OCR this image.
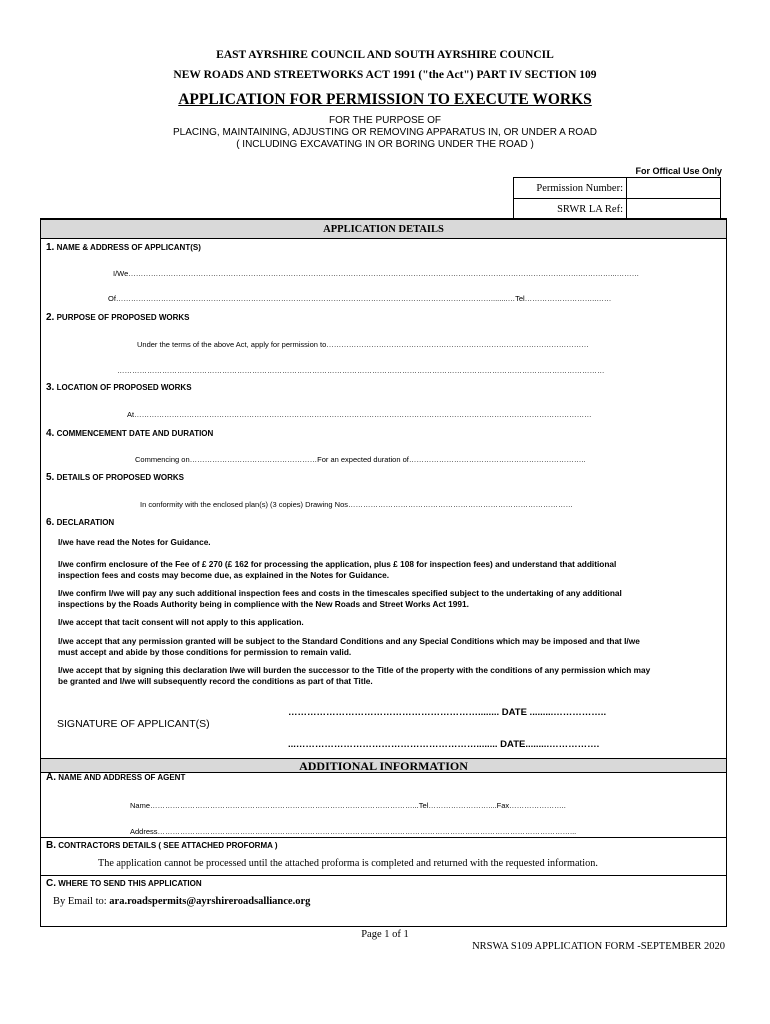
EAST AYRSHIRE COUNCIL AND SOUTH AYRSHIRE COUNCIL
NEW ROADS AND STREETWORKS ACT 1991 ("the Act") PART IV SECTION 109
APPLICATION FOR PERMISSION TO EXECUTE WORKS
FOR THE PURPOSE OF
PLACING, MAINTAINING, ADJUSTING OR REMOVING APPARATUS IN, OR UNDER A ROAD
( INCLUDING EXCAVATING IN OR BORING UNDER THE ROAD )
For Offical Use Only
Permission Number:	
SRWR LA Ref:	
APPLICATION DETAILS
1. NAME & ADDRESS OF APPLICANT(S)
I/We……………………………………………………………………………………………………………………………………………………………….…………...………
Of……………………………………………………………………………………………………………………………………........…Tel………………………..……
2. PURPOSE OF PROPOSED WORKS
Under the terms of the above Act, apply for permission to……………………………………………………………………………………………
……………………………………………………………………………………………………………………………………………………………………………
3. LOCATION OF PROPOSED WORKS
At…………………………………………………………………………………………………………………………………………………………………
4. COMMENCEMENT DATE AND DURATION
Commencing on……………………………………………For an expected duration of……………………………………………………………..
5. DETAILS OF PROPOSED WORKS
In conformity with the enclosed plan(s) (3 copies) Drawing Nos………………………………………………………………………………
6. DECLARATION
I/we have read the Notes for Guidance.
I/we confirm enclosure of the Fee of £ 270 (£ 162 for processing the application, plus £ 108 for inspection fees) and understand that additional inspection fees and costs may become due, as explained in the Notes for Guidance.
I/we confirm I/we will pay any such additional inspection fees and costs in the timescales specified subject to the undertaking of any additional inspections by the Roads Authority being in complience with the New Roads and Street Works Act 1991.
I/we accept that tacit consent will not apply to this application.
I/we accept that any permission granted will be subject to the Standard Conditions and any Special Conditions which may be imposed and that I/we must accept and abide by those conditions for permission to remain valid.
I/we accept that by signing this declaration I/we will burden the successor to the Title of the property with the conditions of any permission which may be granted and I/we will subsequently record the conditions as part of that Title.
……………………………………………………........ DATE .........……………..
SIGNATURE OF APPLICANT(S)
...…………………………………………………........ DATE.........…………….
ADDITIONAL INFORMATION
A. NAME AND ADDRESS OF AGENT
Name……………………………………………………………………………………………...Tel……………………....Fax…………………..
Address…………………………………………………………………………………………………………………………………………………...
B. CONTRACTORS DETAILS ( SEE ATTACHED PROFORMA )
The application cannot be processed until the attached proforma is completed and returned with the requested information.
C. WHERE TO SEND THIS APPLICATION
By Email to: ara.roadspermits@ayrshireroadsalliance.org
Page 1 of 1
NRSWA S109 APPLICATION FORM -SEPTEMBER 2020
